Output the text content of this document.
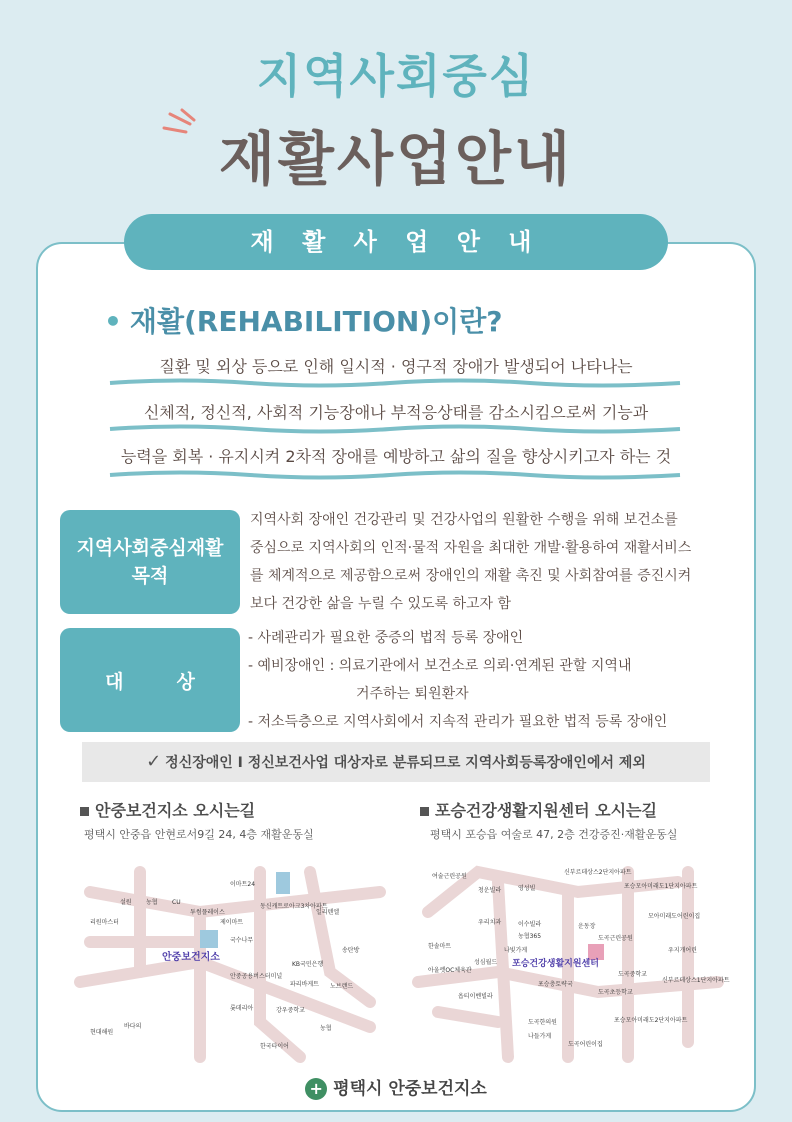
지역사회중심
재활사업안내
재 활 사 업 안 내
• 재활(REHABILITION)이란?
질환 및 외상 등으로 인해 일시적 · 영구적 장애가 발생되어 나타나는
신체적, 정신적, 사회적 기능장애나 부적응상태를 감소시킴으로써 기능과
능력을 회복 · 유지시켜 2차적 장애를 예방하고 삶의 질을 향상시키고자 하는 것
지역사회중심재활
목적
지역사회 장애인 건강관리 및 건강사업의 원활한 수행을 위해 보건소를
중심으로 지역사회의 인적·물적 자원을 최대한 개발·활용하여 재활서비스
를 체계적으로 제공함으로써 장애인의 재활 촉진 및 사회참여를 증진시켜
보다 건강한 삶을 누릴 수 있도록 하고자 함
대        상
- 사례관리가 필요한 중증의 법적 등록 장애인
- 예비장애인 : 의료기관에서 보건소로 의뢰·연계된 관할 지역내
거주하는 퇴원환자
- 저소득층으로 지역사회에서 지속적 관리가 필요한 법적 등록 장애인
✓ 정신장애인 I 정신보건사업 대상자로 분류되므로 지역사회등록장애인에서 제외
안중보건지소 오시는길
평택시 안중읍 안현로서9길 24, 4층 재활운동실
포승건강생활지원센터 오시는길
평택시 포승읍 여술로 47, 2층 건강증진·재활운동실
이마트24
설원 농협 CU
투썸플레이스
동신캐트로아크3차아파트
리원마스터	제이마트
국수나무
안중공용버스터미널
KB국민은행
송탄방
파리바게트 노브랜드
롯데리아
현대해원
바다의
일리텐엘
농협
강우중학교
한국타이어
안중보건지소
여술근린공원
청운빌라	영성빌
신부르데상스2단지아파트
포승모아미래도1단지아파트
우리치과	이수빌라	운동장
모아미래도어린이집
한솔마트
농협365	도곡근린공원
우지개어린
나빛가게
성심월드
아울렛OC체육관
포승충토략국
도곡중학교
신부르데상스1단지아파트
옵티이벤빌라
도곡초등학교
도곡한의원
나들가게
도곡어린이집
포승모아미래도2단지아파트
포승건강생활지원센터
+ 평택시 안중보건지소
